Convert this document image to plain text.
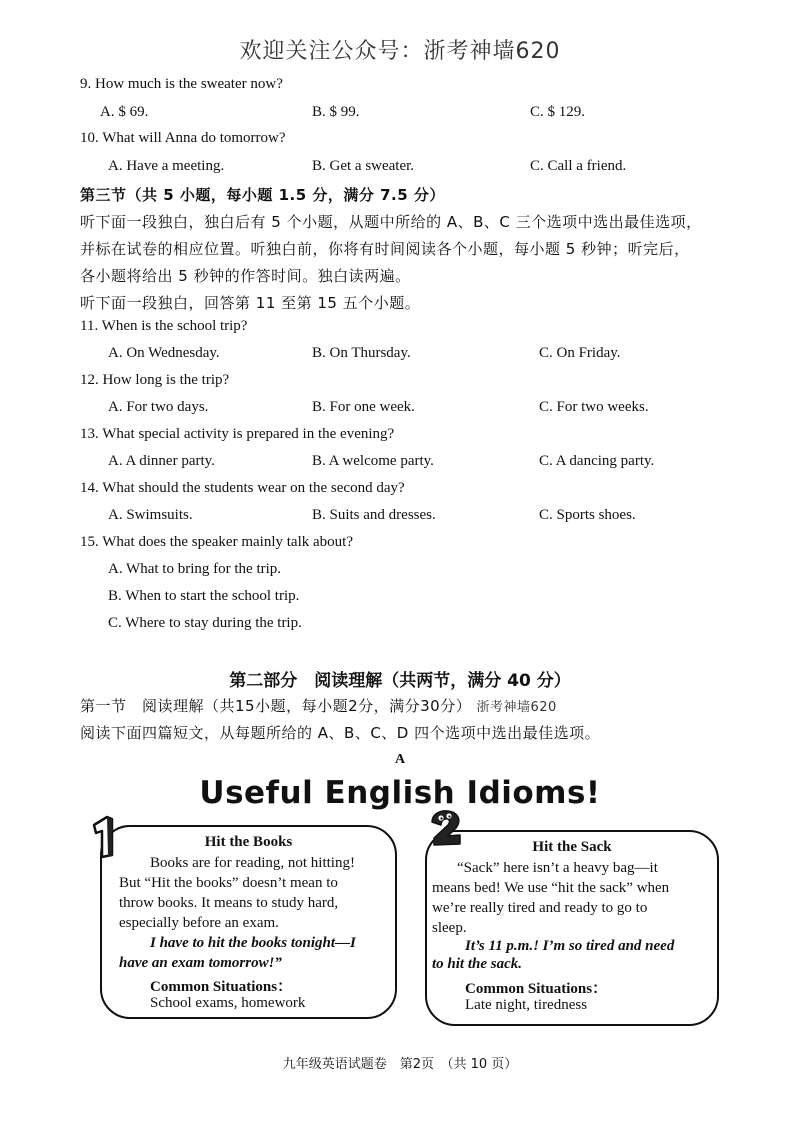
欢迎关注公众号：浙考神墙620
9. How much is the sweater now?
A. $ 69.	B. $ 99.	C. $ 129.
10. What will Anna do tomorrow?
A. Have a meeting.	B. Get a sweater.	C. Call a friend.
第三节（共 5 小题，每小题 1.5 分，满分 7.5 分）
听下面一段独白，独白后有 5 个小题，从题中所给的 A、B、C 三个选项中选出最佳选项，
并标在试卷的相应位置。听独白前，你将有时间阅读各个小题，每小题 5 秒钟；听完后，
各小题将给出 5 秒钟的作答时间。独白读两遍。
听下面一段独白，回答第 11 至第 15 五个小题。
11. When is the school trip?
A. On Wednesday.	B. On Thursday.	C. On Friday.
12. How long is the trip?
A. For two days.	B. For one week.	C. For two weeks.
13. What special activity is prepared in the evening?
A. A dinner party.	B. A welcome party.	C. A dancing party.
14. What should the students wear on the second day?
A. Swimsuits.	B. Suits and dresses.	C. Sports shoes.
15. What does the speaker mainly talk about?
A. What to bring for the trip.
B. When to start the school trip.
C. Where to stay during the trip.
第二部分　阅读理解（共两节，满分 40 分）
第一节　阅读理解（共15小题，每小题2分，满分30分） 浙考神墙620
阅读下面四篇短文，从每题所给的 A、B、C、D 四个选项中选出最佳选项。
A
Useful English Idioms!
Hit the Books
Books are for reading, not hitting!
But “Hit the books” doesn’t mean to
throw books. It means to study hard,
especially before an exam.
I have to hit the books tonight—I
have an exam tomorrow!”
Common Situations：
School exams, homework
Hit the Sack
“Sack” here isn’t a heavy bag—it
means bed! We use “hit the sack” when
we’re really tired and ready to go to
sleep.
It’s 11 p.m.! I’m so tired and need
to hit the sack.
Common Situations：
Late night, tiredness
九年级英语试题卷　第2页　（共 10 页）
